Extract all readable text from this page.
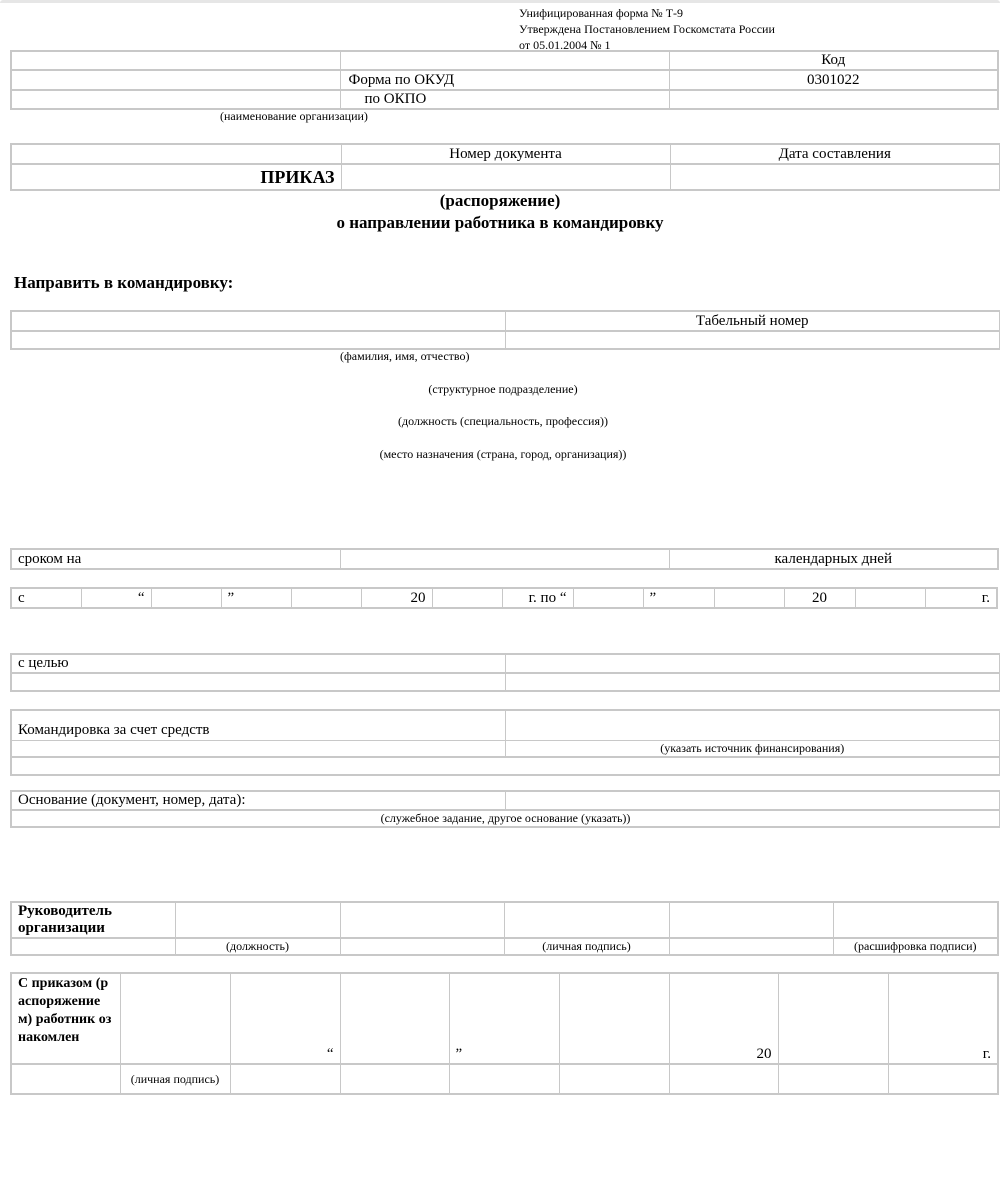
Унифицированная форма № Т-9
Утверждена Постановлением Госкомстата России
от 05.01.2004 № 1
		Код
	Форма по ОКУД	0301022
	по ОКПО	
(наименование организации)
	Номер документа	Дата составления
ПРИКАЗ		
(распоряжение)
о направлении работника в командировку
Направить в командировку:
	Табельный номер

(фамилия, имя, отчество)
(структурное подразделение)
(должность (специальность, профессия))
(место назначения (страна, город, организация))
сроком на		календарных дней
с	“		”		20		г. по “		”		20		г.
с целью	

Командировка за счет средств	
	(указать источник финансирования)

Основание (документ, номер, дата):	
(служебное задание, другое основание (указать))
Руководитель организации					
	(должность)		(личная подпись)		(расшифровка подписи)
С приказом (распоряжением) работник ознакомлен		“		”		20		г.
	(личная подпись)							
